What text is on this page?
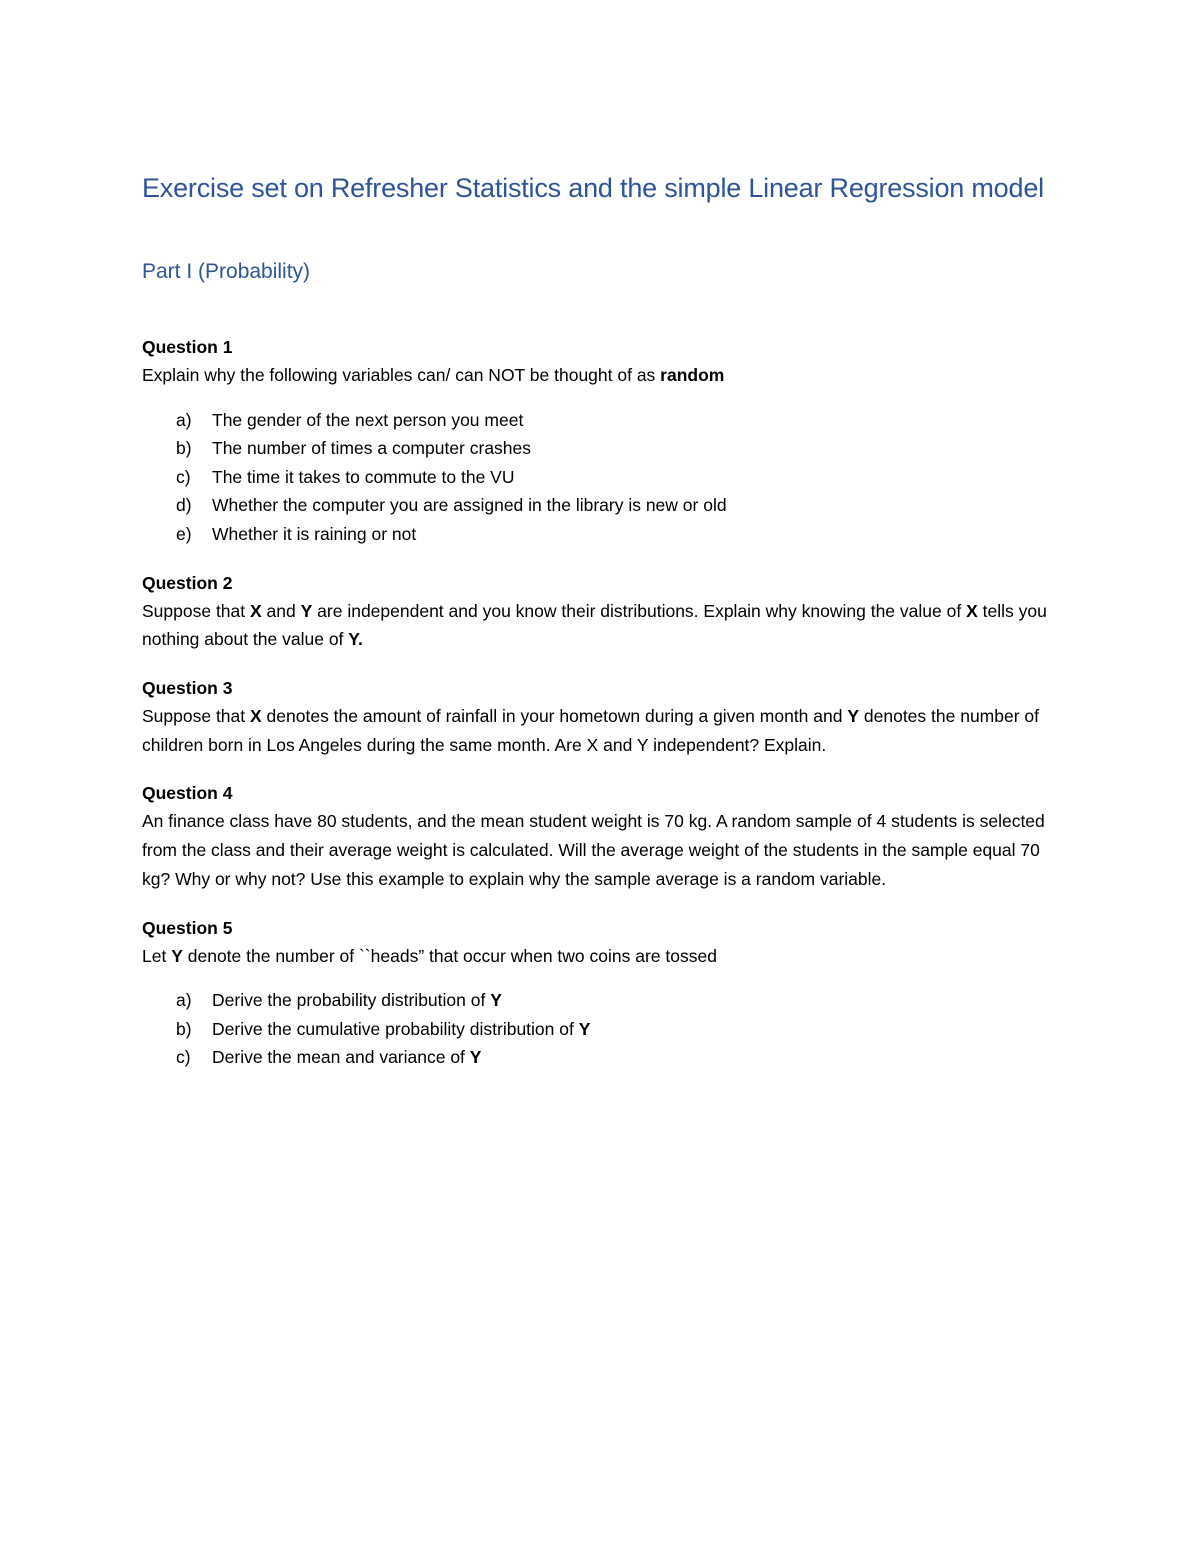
Exercise set on Refresher Statistics and the simple Linear Regression model
Part I (Probability)

Question 1

Explain why the following variables can/ can NOT be thought of as random

a) The gender of the next person you meet
b) The number of times a computer crashes
c) The time it takes to commute to the VU
d) Whether the computer you are assigned in the library is new or old
e) Whether it is raining or not

Question 2

Suppose that X and Y are independent and you know their distributions. Explain why knowing the value of X tells you nothing about the value of Y.

Question 3

Suppose that X denotes the amount of rainfall in your hometown during a given month and Y denotes the number of children born in Los Angeles during the same month. Are X and Y independent? Explain.

Question 4

An finance class have 80 students, and the mean student weight is 70 kg. A random sample of 4 students is selected from the class and their average weight is calculated. Will the average weight of the students in the sample equal 70 kg? Why or why not? Use this example to explain why the sample average is a random variable.

Question 5

Let Y denote the number of ``heads” that occur when two coins are tossed

a) Derive the probability distribution of Y
b) Derive the cumulative probability distribution of Y
c) Derive the mean and variance of Y
